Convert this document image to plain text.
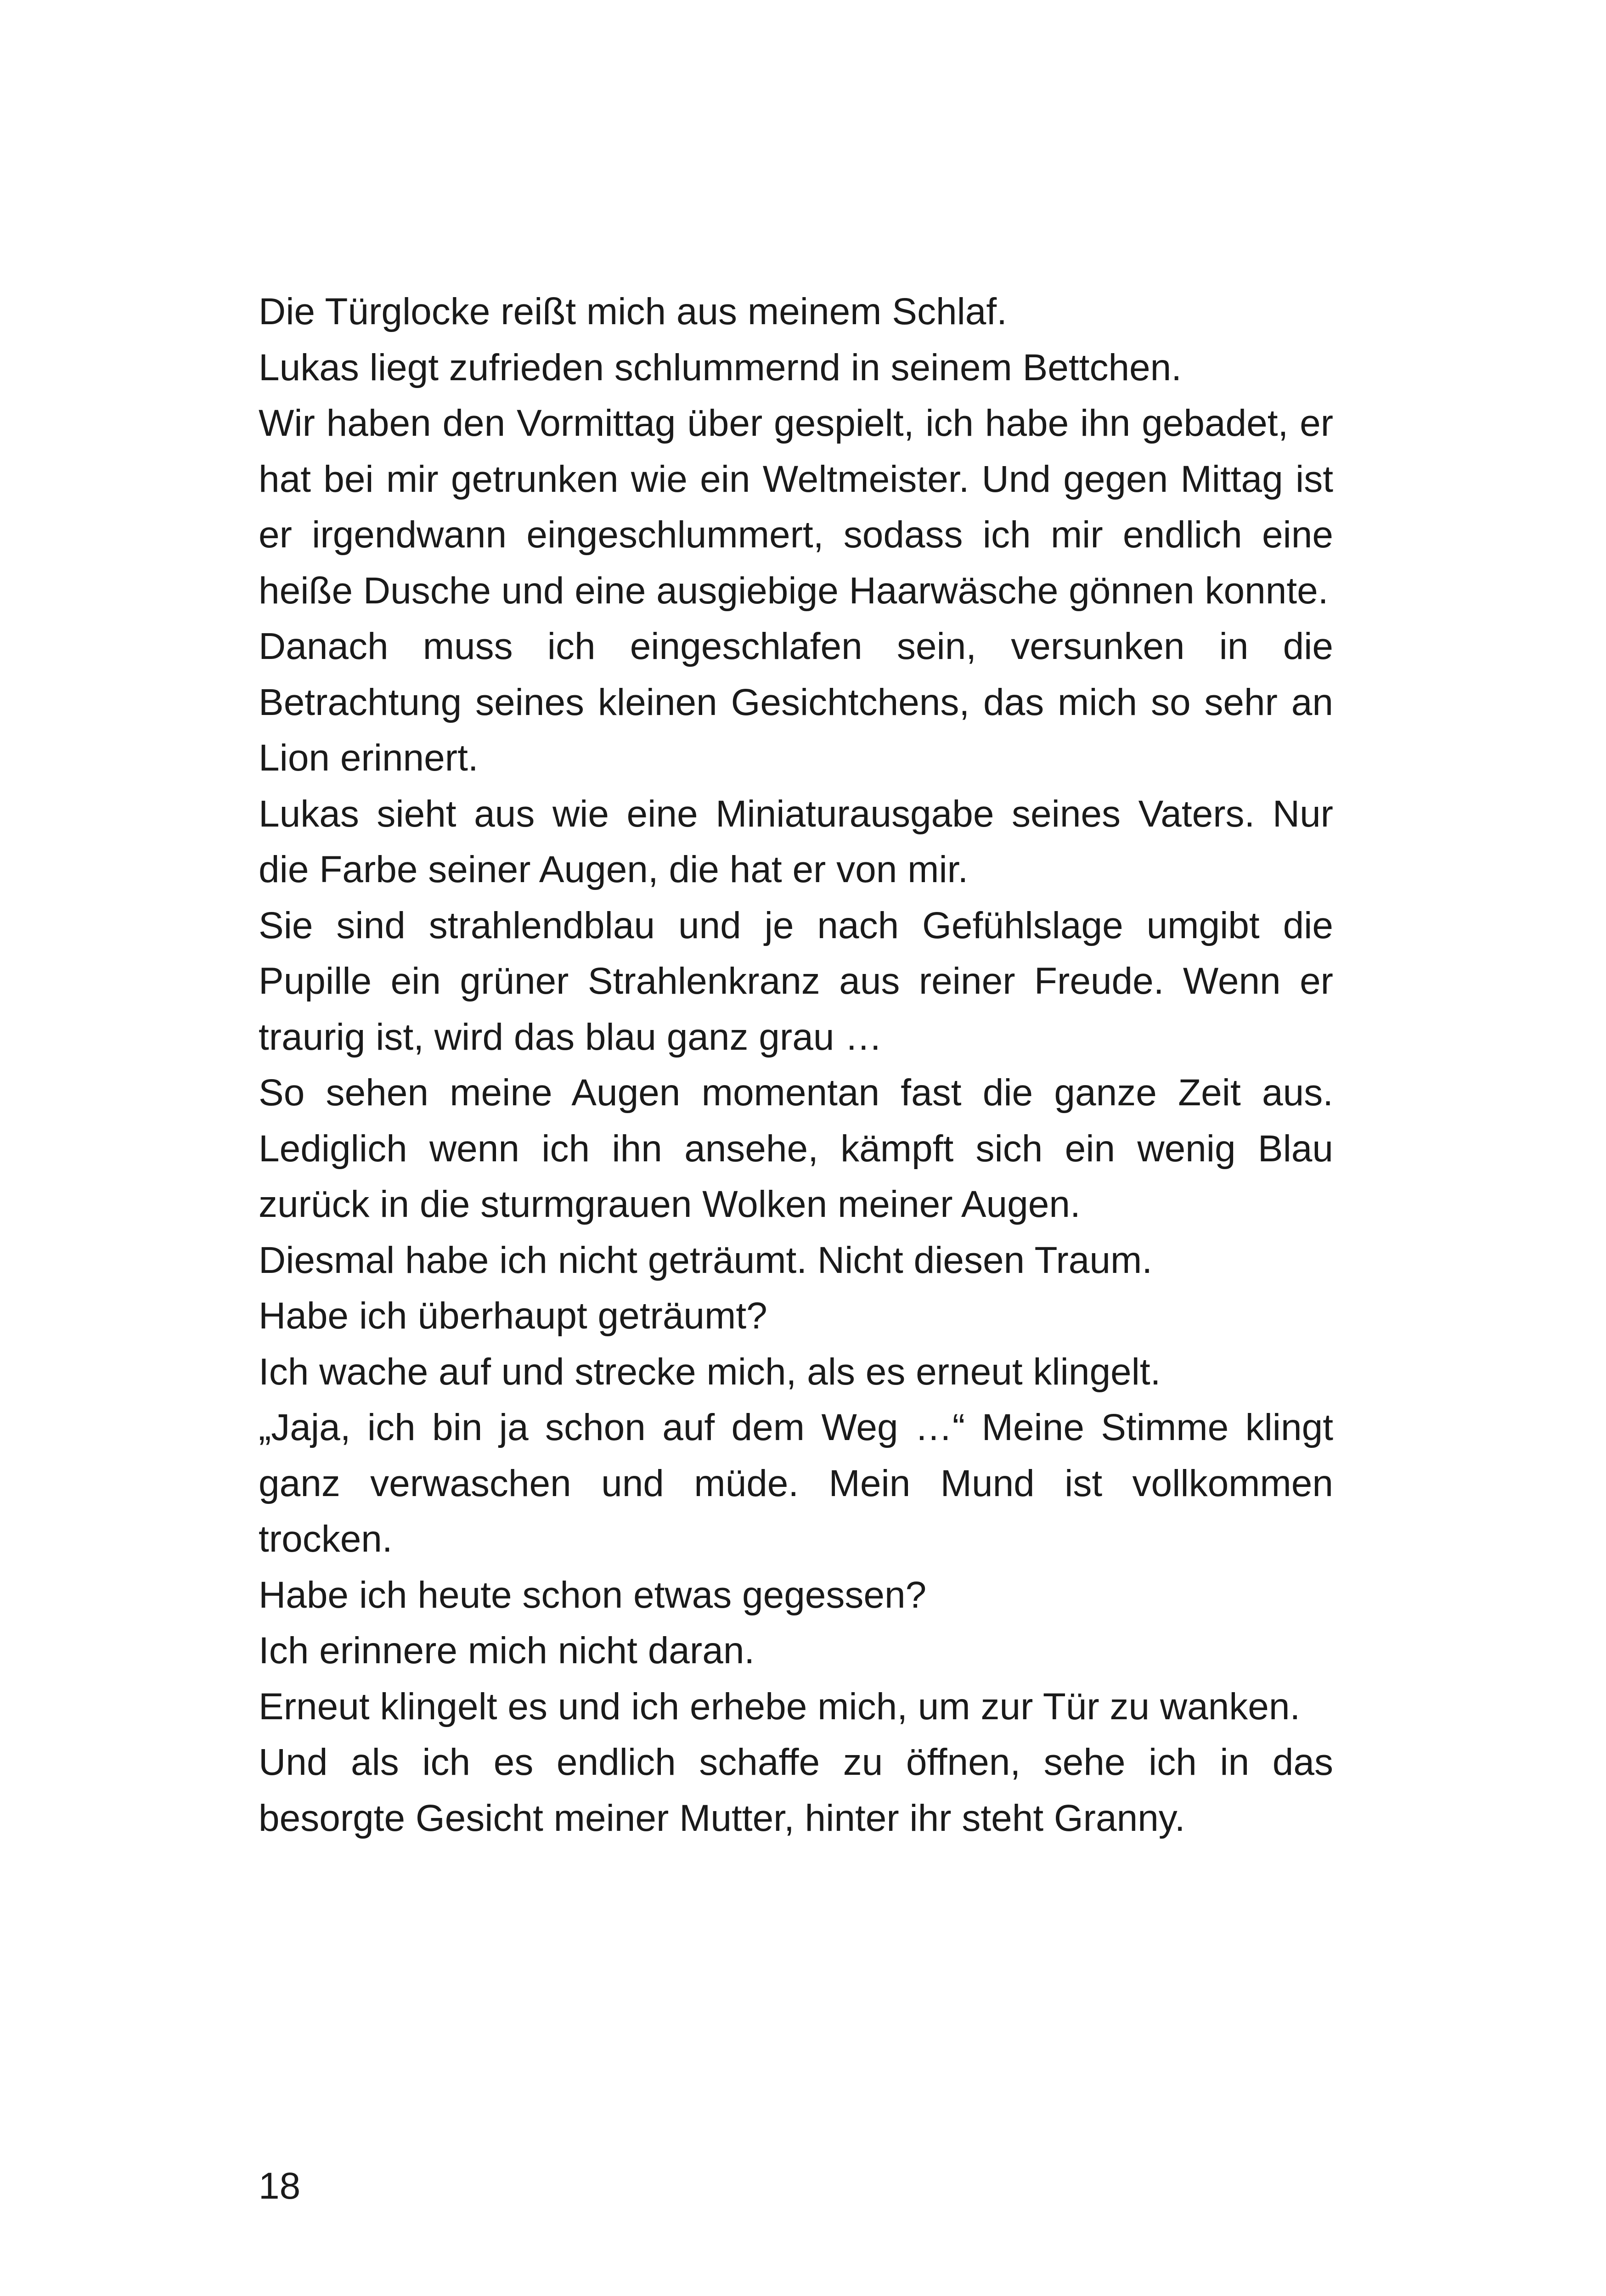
Die Türglocke reißt mich aus meinem Schlaf.

Lukas liegt zufrieden schlummernd in seinem Bettchen.

Wir haben den Vormittag über gespielt, ich habe ihn gebadet, er hat bei mir getrunken wie ein Weltmeister. Und gegen Mittag ist er irgendwann eingeschlummert, sodass ich mir endlich eine heiße Dusche und eine ausgiebige Haarwäsche gönnen konnte.

Danach muss ich eingeschlafen sein, versunken in die Betrachtung seines kleinen Gesichtchens, das mich so sehr an Lion erinnert.

Lukas sieht aus wie eine Miniaturausgabe seines Vaters. Nur die Farbe seiner Augen, die hat er von mir.

Sie sind strahlendblau und je nach Gefühlslage umgibt die Pupille ein grüner Strahlenkranz aus reiner Freude. Wenn er traurig ist, wird das blau ganz grau …

So sehen meine Augen momentan fast die ganze Zeit aus. Lediglich wenn ich ihn ansehe, kämpft sich ein wenig Blau zurück in die sturmgrauen Wolken meiner Augen.

Diesmal habe ich nicht geträumt. Nicht diesen Traum.

Habe ich überhaupt geträumt?

Ich wache auf und strecke mich, als es erneut klingelt.

„Jaja, ich bin ja schon auf dem Weg …“ Meine Stimme klingt ganz verwaschen und müde. Mein Mund ist vollkommen trocken.

Habe ich heute schon etwas gegessen?

Ich erinnere mich nicht daran.

Erneut klingelt es und ich erhebe mich, um zur Tür zu wanken.

Und als ich es endlich schaffe zu öffnen, sehe ich in das besorgte Gesicht meiner Mutter, hinter ihr steht Granny.

18
